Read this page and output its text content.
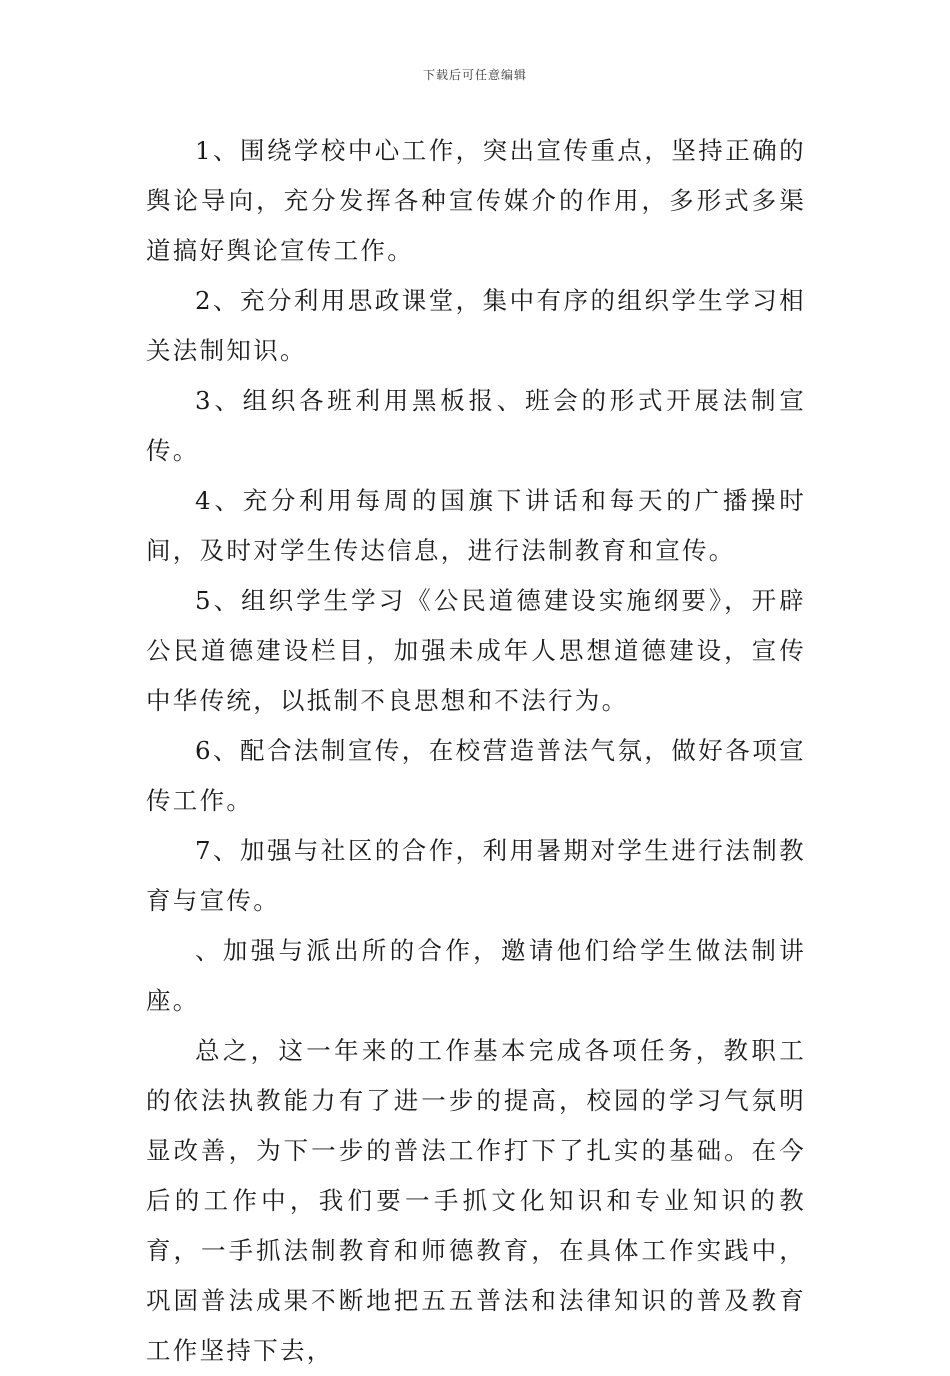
下载后可任意编辑

1、围绕学校中心工作，突出宣传重点，坚持正确的舆论导向，充分发挥各种宣传媒介的作用，多形式多渠道搞好舆论宣传工作。

2、充分利用思政课堂，集中有序的组织学生学习相关法制知识。

3、组织各班利用黑板报、班会的形式开展法制宣传。

4、充分利用每周的国旗下讲话和每天的广播操时间，及时对学生传达信息，进行法制教育和宣传。

5、组织学生学习《公民道德建设实施纲要》，开辟公民道德建设栏目，加强未成年人思想道德建设，宣传中华传统，以抵制不良思想和不法行为。

6、配合法制宣传，在校营造普法气氛，做好各项宣传工作。

7、加强与社区的合作，利用暑期对学生进行法制教育与宣传。

、加强与派出所的合作，邀请他们给学生做法制讲座。

总之，这一年来的工作基本完成各项任务，教职工的依法执教能力有了进一步的提高，校园的学习气氛明显改善，为下一步的普法工作打下了扎实的基础。在今后的工作中，我们要一手抓文化知识和专业知识的教育，一手抓法制教育和师德教育，在具体工作实践中，巩固普法成果不断地把五五普法和法律知识的普及教育工作坚持下去，
